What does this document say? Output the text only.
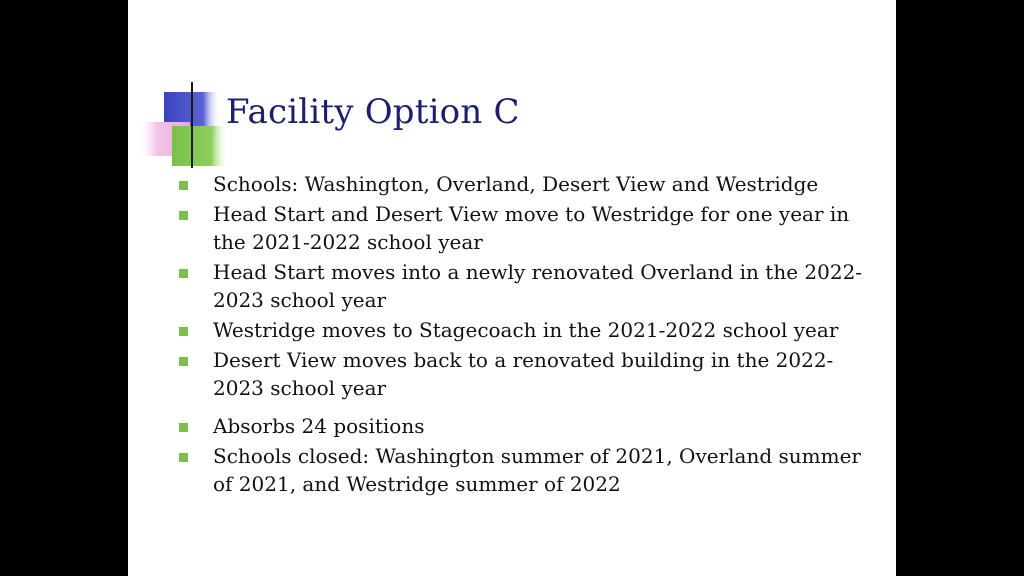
Facility Option C
Schools: Washington, Overland, Desert View and Westridge
Head Start and Desert View move to Westridge for one year in the 2021-2022 school year
Head Start moves into a newly renovated Overland in the 2022-2023 school year
Westridge moves to Stagecoach in the 2021-2022 school year
Desert View moves back to a renovated building in the 2022-2023 school year
Absorbs 24 positions
Schools closed: Washington summer of 2021, Overland summer of 2021, and Westridge summer of 2022
